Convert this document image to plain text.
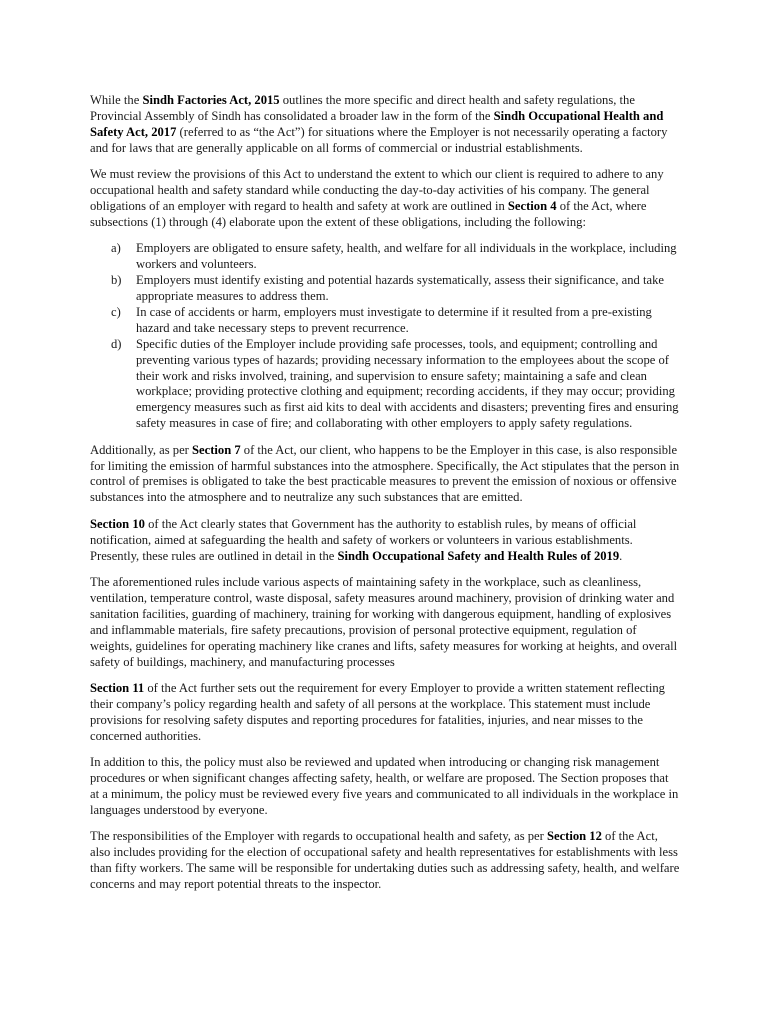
While the Sindh Factories Act, 2015 outlines the more specific and direct health and safety regulations, the Provincial Assembly of Sindh has consolidated a broader law in the form of the Sindh Occupational Health and Safety Act, 2017 (referred to as “the Act”) for situations where the Employer is not necessarily operating a factory and for laws that are generally applicable on all forms of commercial or industrial establishments.

We must review the provisions of this Act to understand the extent to which our client is required to adhere to any occupational health and safety standard while conducting the day-to-day activities of his company. The general obligations of an employer with regard to health and safety at work are outlined in Section 4 of the Act, where subsections (1) through (4) elaborate upon the extent of these obligations, including the following:

a) Employers are obligated to ensure safety, health, and welfare for all individuals in the workplace, including workers and volunteers.
b) Employers must identify existing and potential hazards systematically, assess their significance, and take appropriate measures to address them.
c) In case of accidents or harm, employers must investigate to determine if it resulted from a pre-existing hazard and take necessary steps to prevent recurrence.
d) Specific duties of the Employer include providing safe processes, tools, and equipment; controlling and preventing various types of hazards; providing necessary information to the employees about the scope of their work and risks involved, training, and supervision to ensure safety; maintaining a safe and clean workplace; providing protective clothing and equipment; recording accidents, if they may occur; providing emergency measures such as first aid kits to deal with accidents and disasters; preventing fires and ensuring safety measures in case of fire; and collaborating with other employers to apply safety regulations.

Additionally, as per Section 7 of the Act, our client, who happens to be the Employer in this case, is also responsible for limiting the emission of harmful substances into the atmosphere. Specifically, the Act stipulates that the person in control of premises is obligated to take the best practicable measures to prevent the emission of noxious or offensive substances into the atmosphere and to neutralize any such substances that are emitted.

Section 10 of the Act clearly states that Government has the authority to establish rules, by means of official notification, aimed at safeguarding the health and safety of workers or volunteers in various establishments. Presently, these rules are outlined in detail in the Sindh Occupational Safety and Health Rules of 2019.

The aforementioned rules include various aspects of maintaining safety in the workplace, such as cleanliness, ventilation, temperature control, waste disposal, safety measures around machinery, provision of drinking water and sanitation facilities, guarding of machinery, training for working with dangerous equipment, handling of explosives and inflammable materials, fire safety precautions, provision of personal protective equipment, regulation of weights, guidelines for operating machinery like cranes and lifts, safety measures for working at heights, and overall safety of buildings, machinery, and manufacturing processes

Section 11 of the Act further sets out the requirement for every Employer to provide a written statement reflecting their company’s policy regarding health and safety of all persons at the workplace. This statement must include provisions for resolving safety disputes and reporting procedures for fatalities, injuries, and near misses to the concerned authorities.

In addition to this, the policy must also be reviewed and updated when introducing or changing risk management procedures or when significant changes affecting safety, health, or welfare are proposed. The Section proposes that at a minimum, the policy must be reviewed every five years and communicated to all individuals in the workplace in languages understood by everyone.

The responsibilities of the Employer with regards to occupational health and safety, as per Section 12 of the Act, also includes providing for the election of occupational safety and health representatives for establishments with less than fifty workers. The same will be responsible for undertaking duties such as addressing safety, health, and welfare concerns and may report potential threats to the inspector.
